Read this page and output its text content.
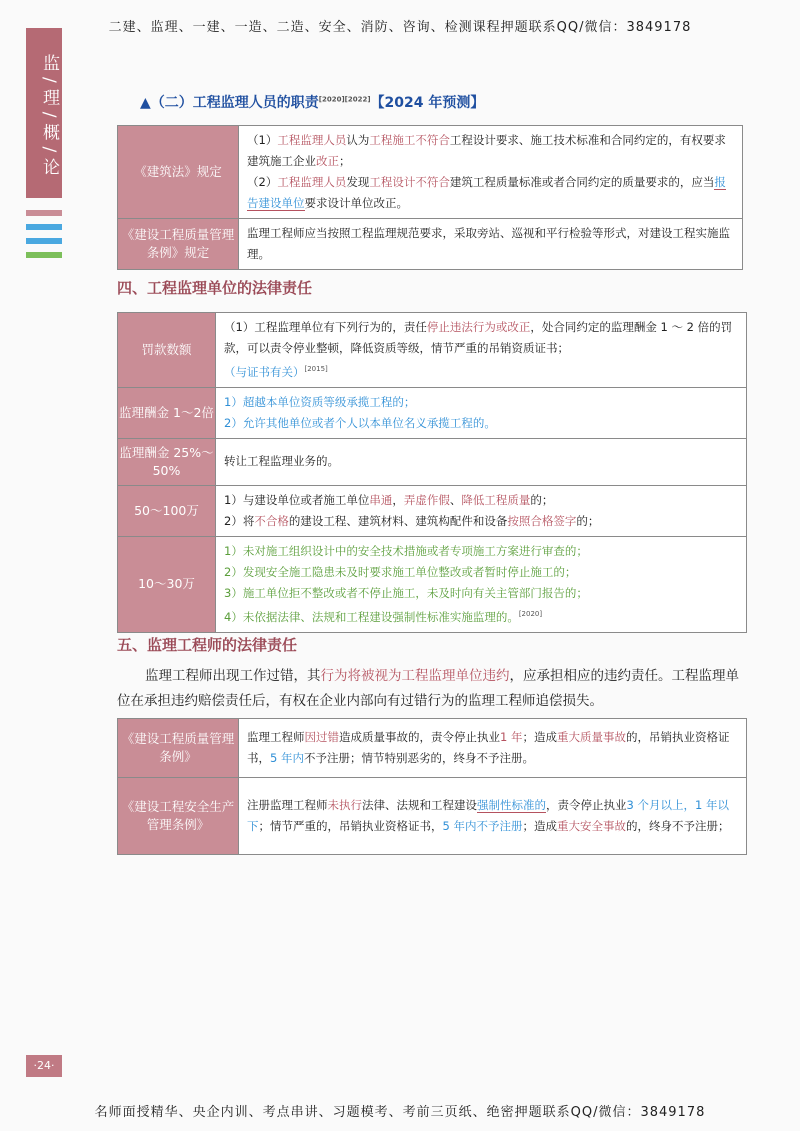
二建、监理、一建、一造、二造、安全、消防、咨询、检测课程押题联系QQ/微信：3849178
监/理/概/论	▲（二）工程监理人员的职责[2020][2022]【2024 年预测】
《建筑法》规定	（1）工程监理人员认为工程施工不符合工程设计要求、施工技术标准和合同约定的，有权要求建筑施工企业改正；
（2）工程监理人员发现工程设计不符合建筑工程质量标准或者合同约定的质量要求的，应当报告建设单位要求设计单位改正。
《建设工程质量管理条例》规定	监理工程师应当按照工程监理规范要求，采取旁站、巡视和平行检验等形式，对建设工程实施监理。
四、工程监理单位的法律责任
罚款数额	（1）工程监理单位有下列行为的，责任停止违法行为或改正，处合同约定的监理酬金 1 ～ 2 倍的罚款，可以责令停业整顿，降低资质等级，情节严重的吊销资质证书；
（与证书有关）[2015]
监理酬金 1～2倍	1）超越本单位资质等级承揽工程的；
2）允许其他单位或者个人以本单位名义承揽工程的。
监理酬金 25%～50%	转让工程监理业务的。
50～100万	1）与建设单位或者施工单位串通，弄虚作假、降低工程质量的；
2）将不合格的建设工程、建筑材料、建筑构配件和设备按照合格签字的；
10～30万	1）未对施工组织设计中的安全技术措施或者专项施工方案进行审查的；
2）发现安全施工隐患未及时要求施工单位整改或者暂时停止施工的；
3）施工单位拒不整改或者不停止施工，未及时向有关主管部门报告的；
4）未依据法律、法规和工程建设强制性标准实施监理的。[2020]
五、监理工程师的法律责任
监理工程师出现工作过错，其行为将被视为工程监理单位违约，应承担相应的违约责任。工程监理单位在承担违约赔偿责任后，有权在企业内部向有过错行为的监理工程师追偿损失。
《建设工程质量管理条例》	监理工程师因过错造成质量事故的，责令停止执业1 年；造成重大质量事故的，吊销执业资格证书，5 年内不予注册；情节特别恶劣的，终身不予注册。
《建设工程安全生产管理条例》	注册监理工程师未执行法律、法规和工程建设强制性标准的，责令停止执业3 个月以上，1 年以下；情节严重的，吊销执业资格证书，5 年内不予注册；造成重大安全事故的，终身不予注册；
·24·
名师面授精华、央企内训、考点串讲、习题模考、考前三页纸、绝密押题联系QQ/微信：3849178
